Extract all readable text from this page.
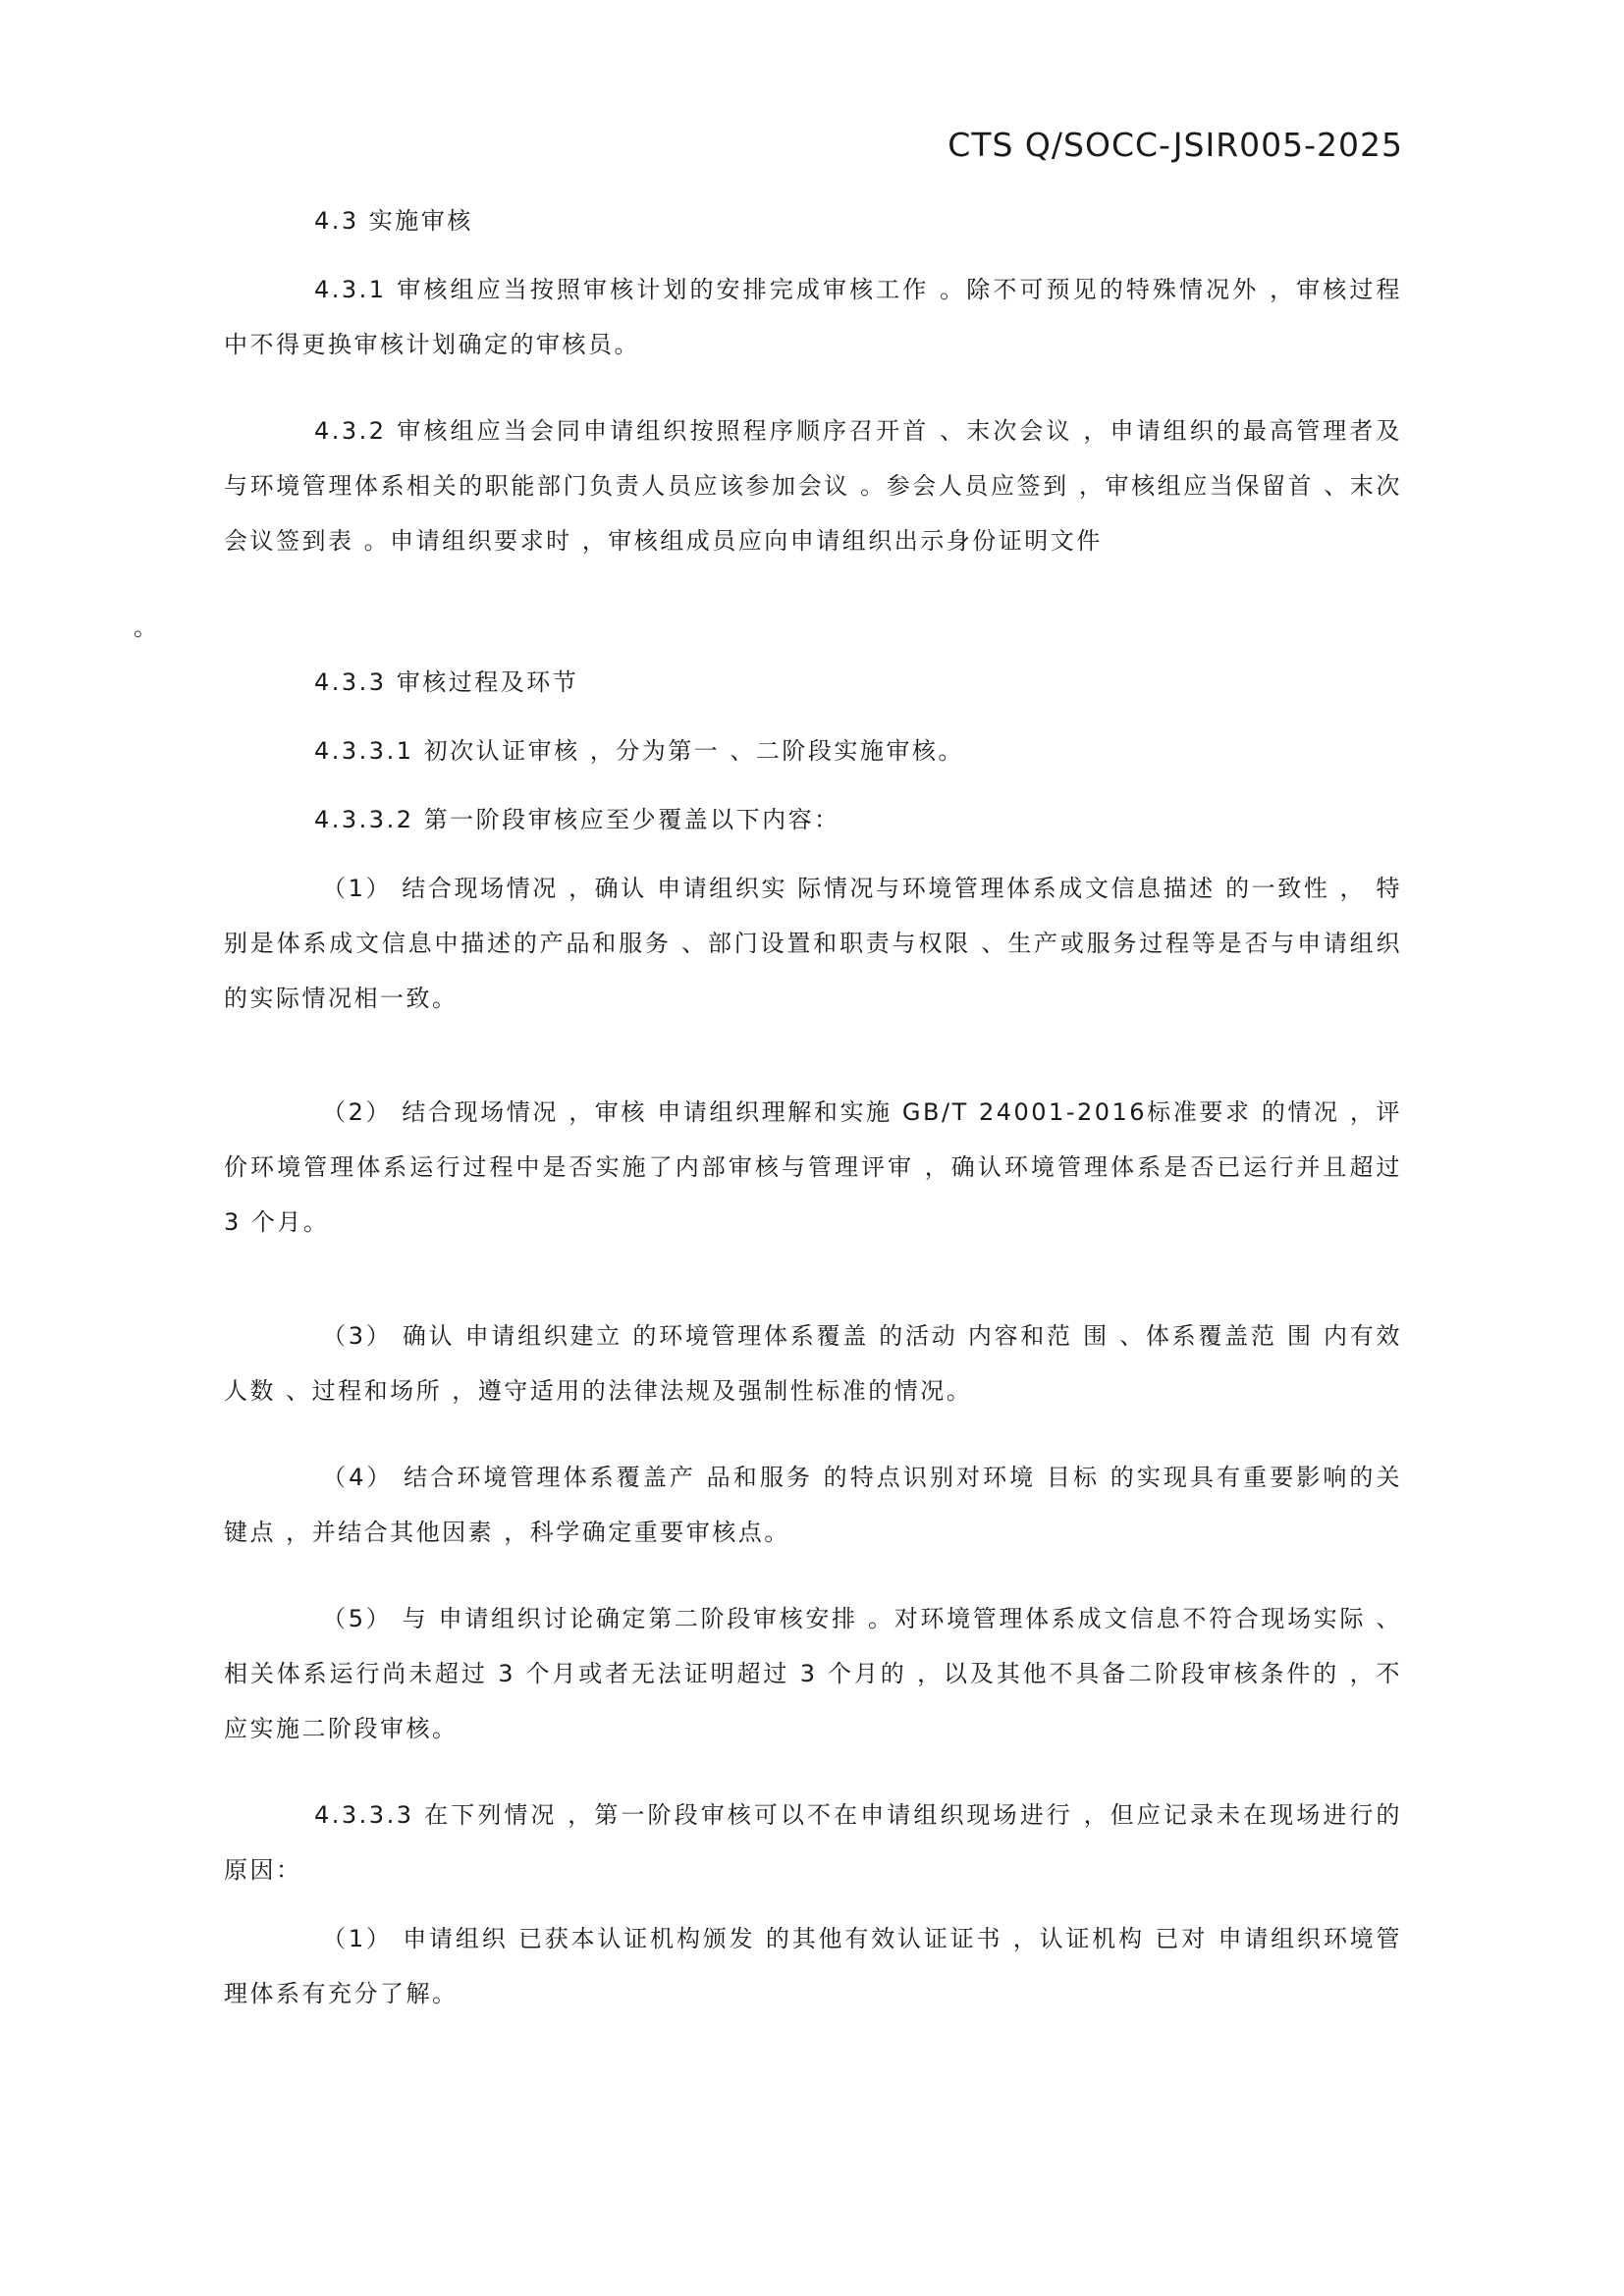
CTS Q/SOCC-JSIR005-2025

4.3 实施审核

4.3.1 审核组应当按照审核计划的安排完成审核工作 。除不可预见的特殊情况外 ，审核过程中不得更换审核计划确定的审核员。

4.3.2 审核组应当会同申请组织按照程序顺序召开首 、末次会议 ，申请组织的最高管理者及与环境管理体系相关的职能部门负责人员应该参加会议 。参会人员应签到 ，审核组应当保留首 、末次会议签到表 。申请组织要求时 ，审核组成员应向申请组织出示身份证明文件

。

4.3.3 审核过程及环节

4.3.3.1 初次认证审核 ，分为第一 、二阶段实施审核。

4.3.3.2 第一阶段审核应至少覆盖以下内容：

（1） 结合现场情况 ，确认 申请组织实 际情况与环境管理体系成文信息描述 的一致性 ， 特别是体系成文信息中描述的产品和服务 、部门设置和职责与权限 、生产或服务过程等是否与申请组织的实际情况相一致。

（2） 结合现场情况 ，审核 申请组织理解和实施 GB/T 24001-2016标准要求 的情况 ，评价环境管理体系运行过程中是否实施了内部审核与管理评审 ，确认环境管理体系是否已运行并且超过 3 个月。

（3） 确认 申请组织建立 的环境管理体系覆盖 的活动 内容和范 围 、体系覆盖范 围 内有效人数 、过程和场所 ，遵守适用的法律法规及强制性标准的情况。

（4） 结合环境管理体系覆盖产 品和服务 的特点识别对环境 目标 的实现具有重要影响的关键点 ，并结合其他因素 ，科学确定重要审核点。

（5） 与 申请组织讨论确定第二阶段审核安排 。对环境管理体系成文信息不符合现场实际 、相关体系运行尚未超过 3 个月或者无法证明超过 3 个月的 ，以及其他不具备二阶段审核条件的 ，不应实施二阶段审核。

4.3.3.3 在下列情况 ，第一阶段审核可以不在申请组织现场进行 ，但应记录未在现场进行的原因：

（1） 申请组织 已获本认证机构颁发 的其他有效认证证书 ，认证机构 已对 申请组织环境管理体系有充分了解。
